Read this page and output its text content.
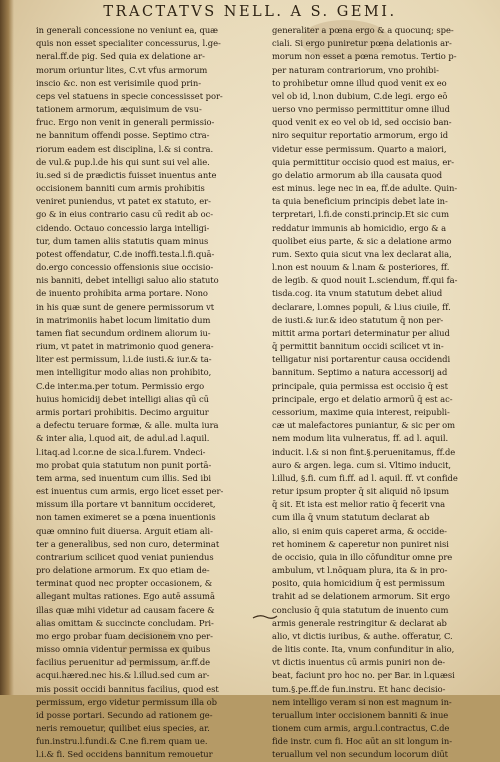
TRACTATVS NELL. A S. GEMI.
in generali concessione no veniunt ea, quæ
quis non esset specialiter concessurus, l.ge-
neral.ff.de pig. Sed quia ex delatione ar-
morum oriuntur lites, C.vt vfus armorum
inscio &c. non est verisimile quod prin-
ceps vel statuens in specie concessisset por-
tationem armorum, æquisimum de vsu-
fruc. Ergo non venit in generali permissio-
ne bannitum offendi posse. Septimo ctra-
riorum eadem est disciplina, l.& si contra.
de vul.& pup.l.de his qui sunt sui vel alie.
iu.sed si de prædictis fuisset inuentus ante
occisionem banniti cum armis prohibitis
veniret puniendus, vt patet ex statuto, er-
go & in eius contrario casu cū redit ab oc-
cidendo. Octauo concessio larga intelligi-
tur, dum tamen aliis statutis quam minus
potest offendatur, C.de inoffi.testa.l.fi.quā-
do.ergo concessio offensionis siue occisio-
nis banniti, debet intelligi saluo alio statuto
de inuento prohibita arma portare. Nono
in his quæ sunt de genere permissorum vt
in matrimoniis habet locum limitatio dum
tamen fiat secundum ordinem aliorum iu-
rium, vt patet in matrimonio quod genera-
liter est permissum, l.i.de iusti.& iur.& ta-
men intelligitur modo alias non prohibito,
C.de inter.ma.per totum. Permissio ergo
huius homicidij debet intelligi alias qū cū
armis portari prohibitis. Decimo arguitur
a defectu teruare formæ, & alle. multa iura
& inter alia, l.quod ait, de adul.ad l.aquil.
l.itaq.ad l.cor.ne de sica.l.furem. Vndeci-
mo probat quia statutum non punit portā-
tem arma, sed inuentum cum illis. Sed ibi
est inuentus cum armis, ergo licet esset per-
missum illa portare vt bannitum occideret,
non tamen eximeret se a pœna inuentionis
quæ omnino fuit diuersa. Arguit etiam ali-
ter a generalibus, sed non curo, determinat
contrarium scilicet quod veniat puniendus
pro delatione armorum. Ex quo etiam de-
terminat quod nec propter occasionem, &
allegant multas rationes. Ego autē assumā
illas quæ mihi videtur ad causam facere &
alias omittam & succincte concludam. Pri-
mo ergo probar fuam decisionem vno per-
misso omnia videntur permissa ex quibus
facilius peruenitur ad permissum, ar.ff.de
acqui.hæred.nec his.& l.illud.sed cum ar-
mis possit occidi bannitus facilius, quod est
permissum, ergo videtur permissum illa ob
id posse portari. Secundo ad rationem ge-
neris remouetur, quilibet eius species, ar.
fun.instru.l.fundi.& C.ne fi.rem quam ue.
l.i.& fi. Sed occidens bannitum remouetur
generaliter a pœna ergo & a quocunq; spe-
ciali. Si ergo puniretur pœna delationis ar-
morum non esset a pœna remotus. Tertio p-
per naturam contrariorum, vno prohibi-
to prohibetur omne illud quod venit ex eo
vel ob id, l.non dubium, C.de legi. ergo eō
uerso vno permisso permittitur omne illud
quod venit ex eo vel ob id, sed occisio ban-
niro sequitur reportatio armorum, ergo id
videtur esse permissum. Quarto a maiori,
quia permittitur occisio quod est maius, er-
go delatio armorum ab illa causata quod
est minus. lege nec in ea, ff.de adulte. Quin-
ta quia beneficium principis debet late in-
terpretari, l.fi.de consti.princip.Et sic cum
reddatur immunis ab homicidio, ergo & a
quolibet eius parte, & sic a delatione armo
rum. Sexto quia sicut vna lex declarat alia,
l.non est nouum & l.nam & posteriores, ff.
de legib. & quod nouit L.sciendum, ff.qui fa-
tisda.cog. ita vnum statutum debet aliud
declarare, l.omnes populi, & l.ius ciuile, ff.
de iusti.& iur.& ideo statutum q̄ non per-
mittit arma portari determinatur per aliud
q̄ permittit bannitum occidi scilicet vt in-
telligatur nisi portarentur causa occidendi
bannitum. Septimo a natura accessorij ad
principale, quia permissa est occisio q̄ est
principale, ergo et delatio armorū q̄ est ac-
cessorium, maxime quia interest, reipubli-
cæ ut malefactores puniantur, & sic per om
nem modum lita vulneratus, ff. ad l. aquil.
inducit. l.& si non fint.§.peruenitamus, ff.de
auro & argen. lega. cum si. Vltimo inducit,
l.illud, §.fi. cum fi.ff. ad l. aquil. ff. vt confide
retur ipsum propter q̄ sit aliquid nō ipsum
q̄ sit. Et ista est melior ratio q̄ fecerit vna
cum illa q̄ vnum statutum declarat ab
alio, si enim quis caperet arma, & occide-
ret hominem & caperetur non puniret nisi
de occisio, quia in illo cōfunditur omne pre
ambulum, vt l.nōquam plura, ita & in pro-
posito, quia homicidium q̄ est permissum
trahit ad se delationem armorum. Sit ergo
conclusio q̄ quia statutum de inuento cum
armis generale restringitur & declarat ab
alio, vt dictis iuribus, & authe. offeratur, C.
de litis conte. Ita, vnum confunditur in alio,
vt dictis inuentus cū armis puniri non de-
beat, faciunt pro hoc no. per Bar. in l.quæsi
tum.§.pe.ff.de fun.instru. Et hanc decisio-
nem intelligo veram si non est magnum in-
teruallum inter occisionem banniti & inue
tionem cum armis, argu.l.contractus, C.de
fide instr. cum fi. Hoc aūt an sit longum in-
teruallum vel non secundum locorum diūt
